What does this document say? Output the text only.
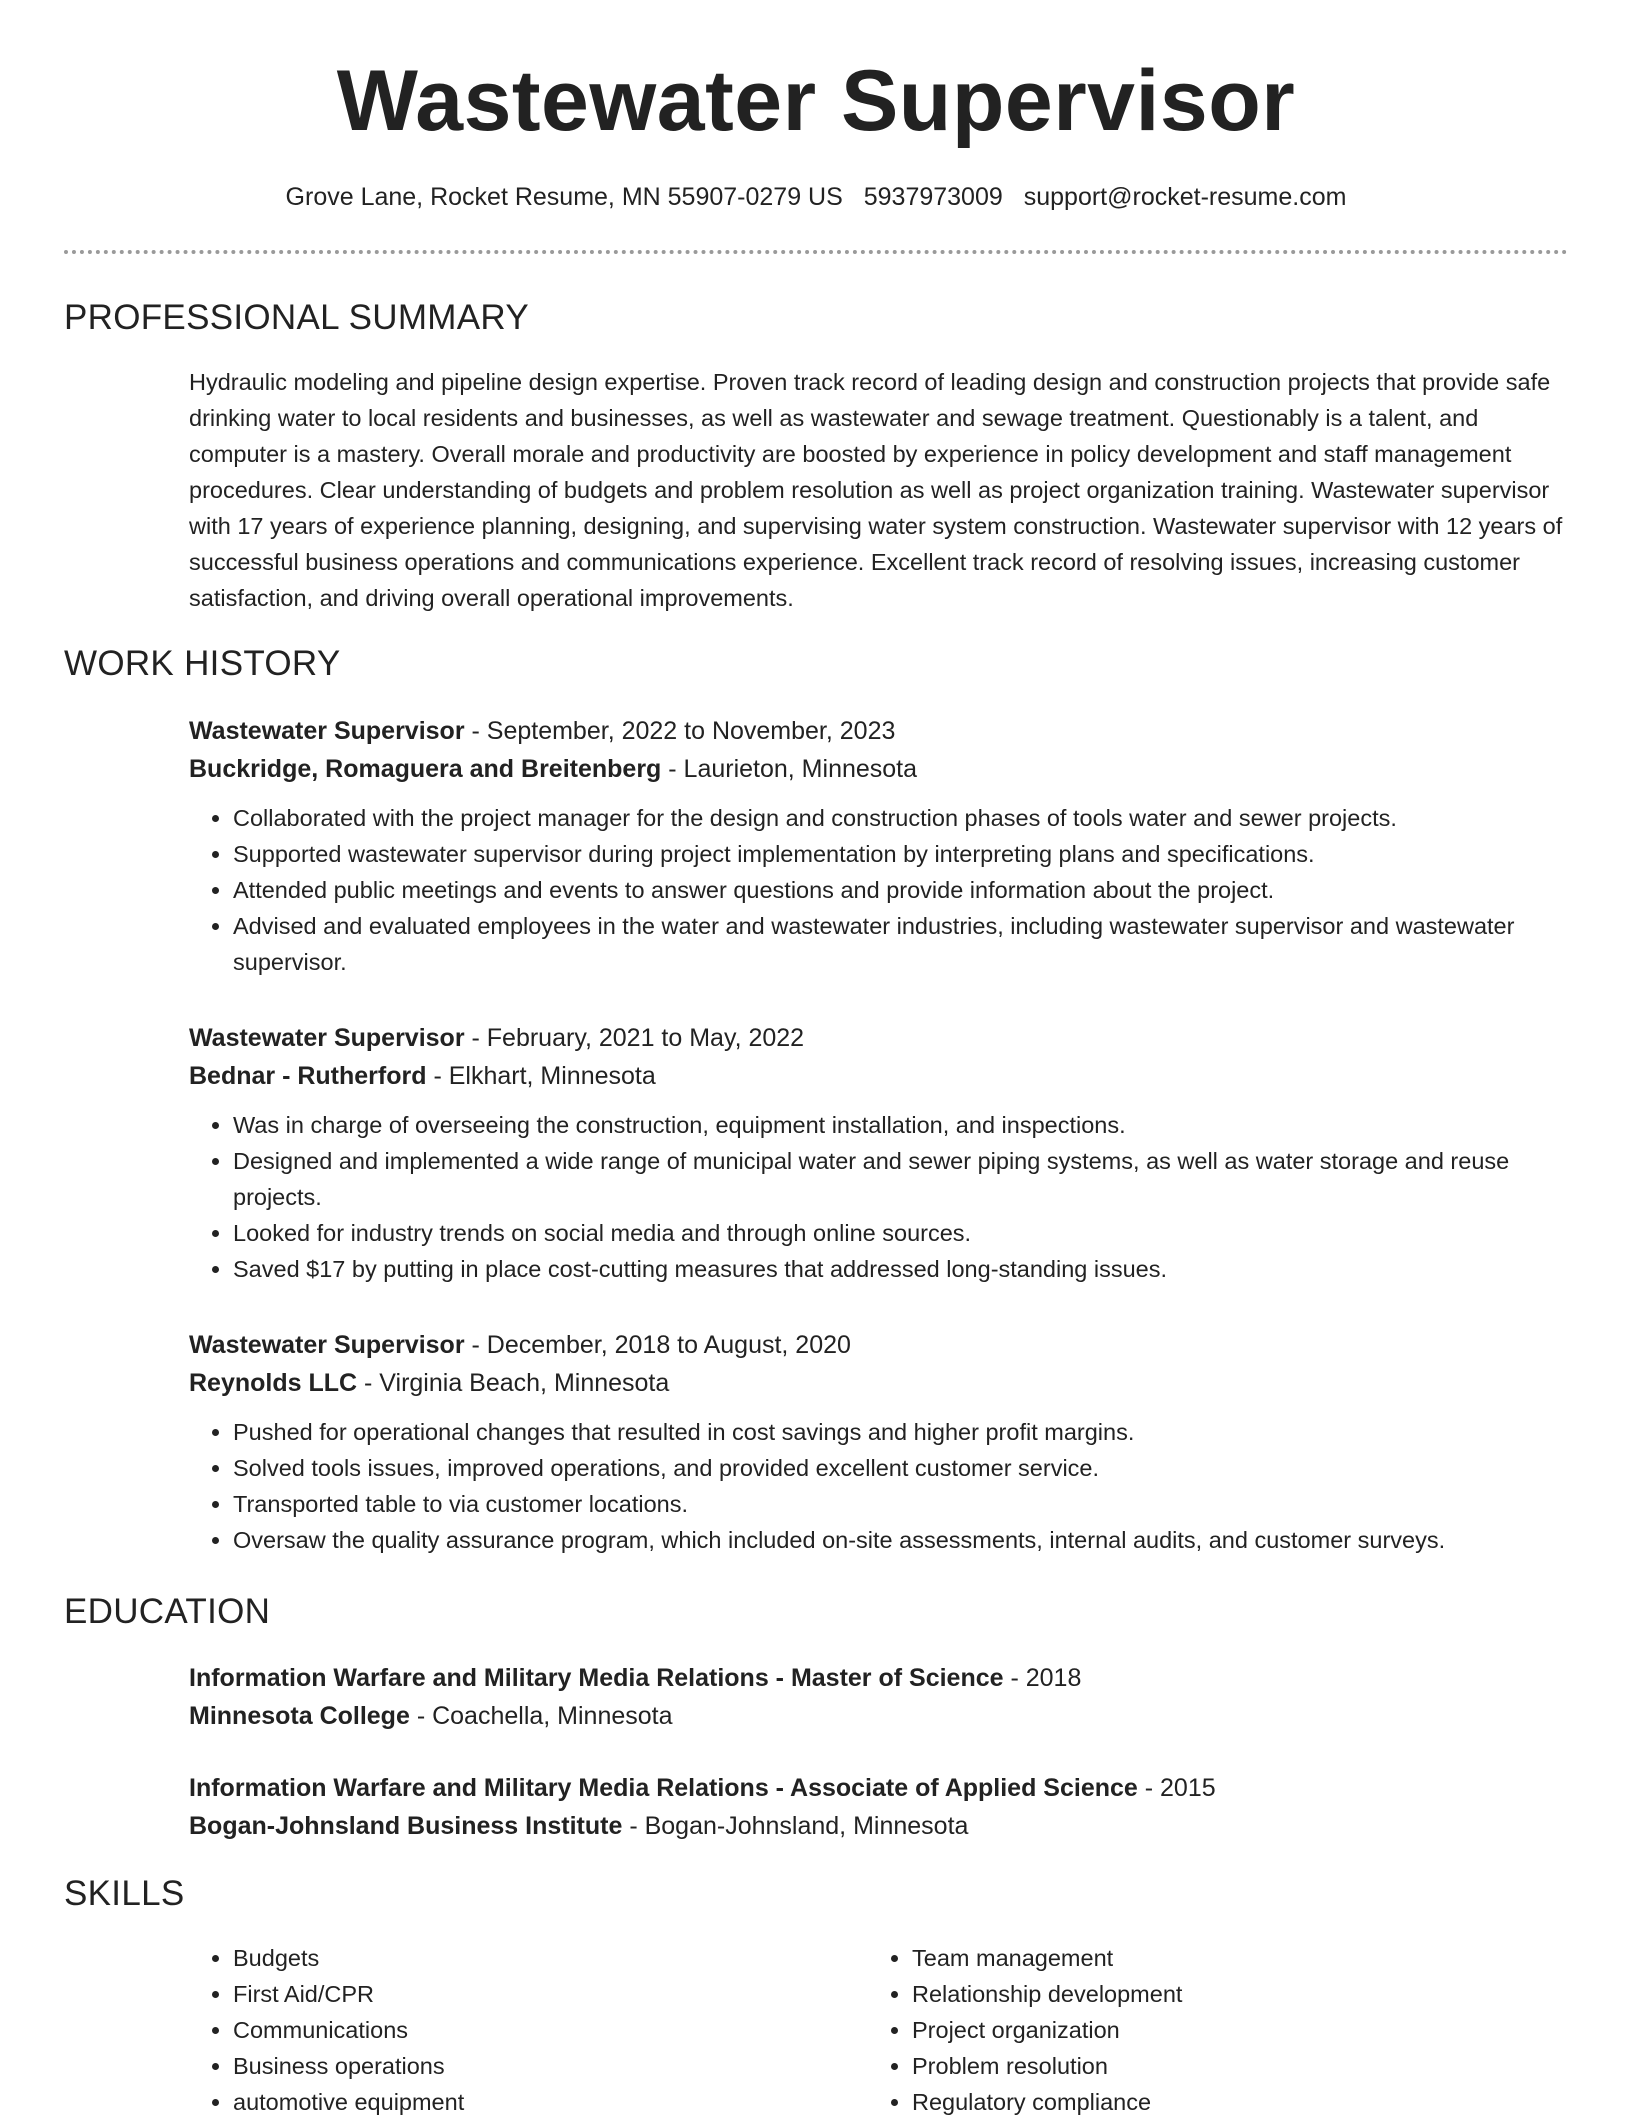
Wastewater Supervisor
Grove Lane, Rocket Resume, MN 55907-0279 US 5937973009 support@rocket-resume.com
PROFESSIONAL SUMMARY

Hydraulic modeling and pipeline design expertise. Proven track record of leading design and construction projects that provide safe drinking water to local residents and businesses, as well as wastewater and sewage treatment. Questionably is a talent, and computer is a mastery. Overall morale and productivity are boosted by experience in policy development and staff management procedures. Clear understanding of budgets and problem resolution as well as project organization training. Wastewater supervisor with 17 years of experience planning, designing, and supervising water system construction. Wastewater supervisor with 12 years of successful business operations and communications experience. Excellent track record of resolving issues, increasing customer satisfaction, and driving overall operational improvements.

WORK HISTORY
Wastewater Supervisor - September, 2022 to November, 2023
Buckridge, Romaguera and Breitenberg - Laurieton, Minnesota
• Collaborated with the project manager for the design and construction phases of tools water and sewer projects.
• Supported wastewater supervisor during project implementation by interpreting plans and specifications.
• Attended public meetings and events to answer questions and provide information about the project.
• Advised and evaluated employees in the water and wastewater industries, including wastewater supervisor and wastewater supervisor.
Wastewater Supervisor - February, 2021 to May, 2022
Bednar - Rutherford - Elkhart, Minnesota
• Was in charge of overseeing the construction, equipment installation, and inspections.
• Designed and implemented a wide range of municipal water and sewer piping systems, as well as water storage and reuse projects.
• Looked for industry trends on social media and through online sources.
• Saved $17 by putting in place cost-cutting measures that addressed long-standing issues.
Wastewater Supervisor - December, 2018 to August, 2020
Reynolds LLC - Virginia Beach, Minnesota
• Pushed for operational changes that resulted in cost savings and higher profit margins.
• Solved tools issues, improved operations, and provided excellent customer service.
• Transported table to via customer locations.
• Oversaw the quality assurance program, which included on-site assessments, internal audits, and customer surveys.
EDUCATION
Information Warfare and Military Media Relations - Master of Science - 2018
Minnesota College - Coachella, Minnesota
Information Warfare and Military Media Relations - Associate of Applied Science - 2015
Bogan-Johnsland Business Institute - Bogan-Johnsland, Minnesota
SKILLS
• Budgets
• First Aid/CPR
• Communications
• Business operations
• automotive equipment
• Team management
• Relationship development
• Project organization
• Problem resolution
• Regulatory compliance
